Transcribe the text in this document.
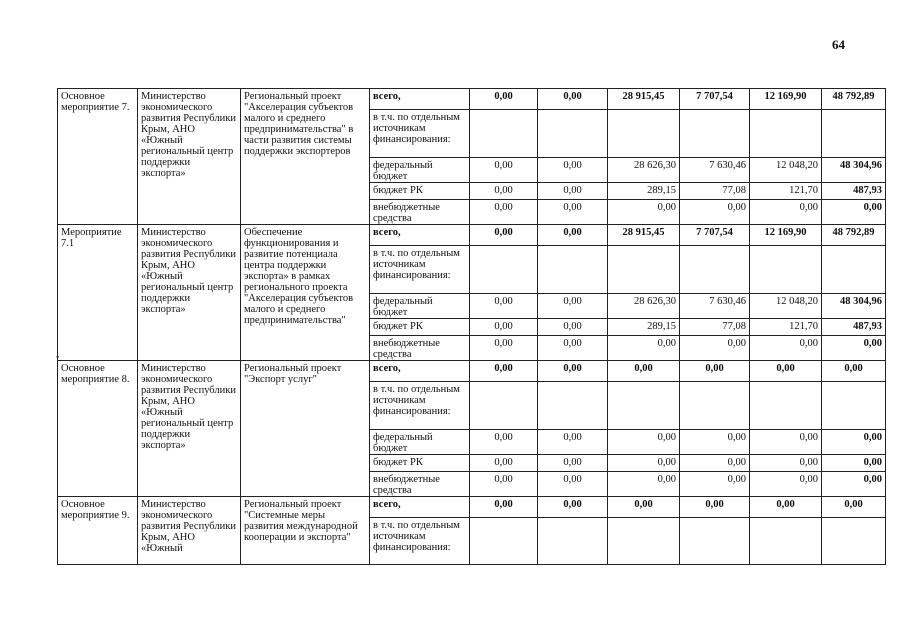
64
•
Основное мероприятие 7.	Министерство экономического развития Республики Крым, АНО «Южный региональный центр поддержки экспорта»	Региональный проект "Акселерация субъектов малого и среднего предпринимательства" в части развития системы поддержки экспортеров	всего,	0,00	0,00	28 915,45	7 707,54	12 169,90	48 792,89
			в т.ч. по отдельным источникам финансирования:						
			федеральный бюджет	0,00	0,00	28 626,30	7 630,46	12 048,20	48 304,96
			бюджет РК	0,00	0,00	289,15	77,08	121,70	487,93
			внебюджетные средства	0,00	0,00	0,00	0,00	0,00	0,00
Мероприятие 7.1	Министерство экономического развития Республики Крым, АНО «Южный региональный центр поддержки экспорта»	Обеспечение функционирования и развитие потенциала центра поддержки экспорта» в рамках регионального проекта "Акселерация субъектов малого и среднего предпринимательства"	всего,	0,00	0,00	28 915,45	7 707,54	12 169,90	48 792,89
			в т.ч. по отдельным источникам финансирования:						
			федеральный бюджет	0,00	0,00	28 626,30	7 630,46	12 048,20	48 304,96
			бюджет РК	0,00	0,00	289,15	77,08	121,70	487,93
			внебюджетные средства	0,00	0,00	0,00	0,00	0,00	0,00
Основное мероприятие 8.	Министерство экономического развития Республики Крым, АНО «Южный региональный центр поддержки экспорта»	Региональный проект "Экспорт услуг"	всего,	0,00	0,00	0,00	0,00	0,00	0,00
			в т.ч. по отдельным источникам финансирования:						
			федеральный бюджет	0,00	0,00	0,00	0,00	0,00	0,00
			бюджет РК	0,00	0,00	0,00	0,00	0,00	0,00
			внебюджетные средства	0,00	0,00	0,00	0,00	0,00	0,00
Основное мероприятие 9.	Министерство экономического развития Республики Крым, АНО «Южный	Региональный проект "Системные меры развития международной кооперации и экспорта"	всего,	0,00	0,00	0,00	0,00	0,00	0,00
			в т.ч. по отдельным источникам финансирования:						
